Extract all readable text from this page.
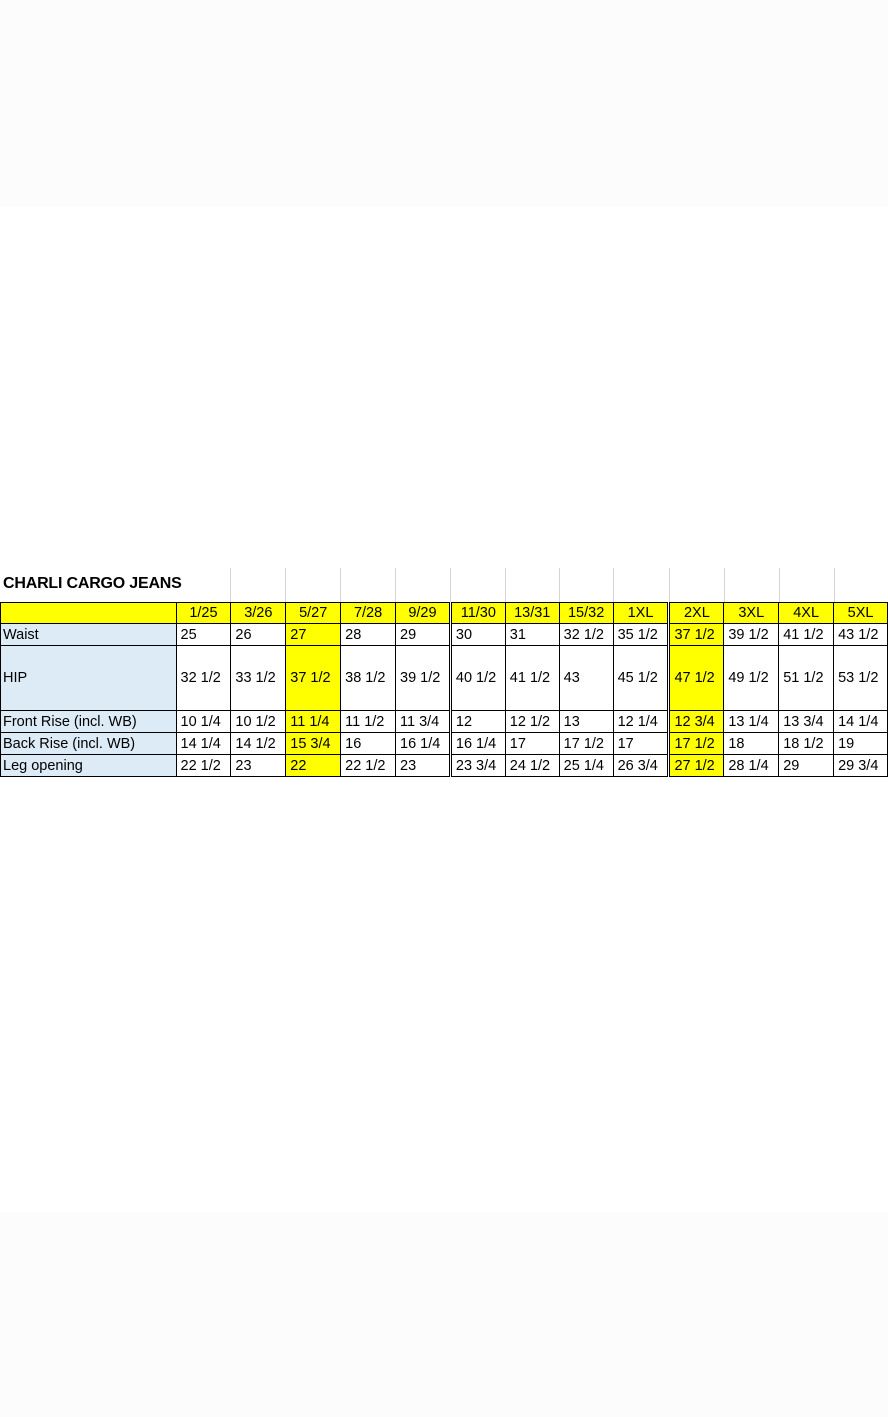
CHARLI CARGO JEANS
	1/25	3/26	5/27	7/28	9/29	11/30	13/31	15/32	1XL	2XL	3XL	4XL	5XL
Waist	25	26	27	28	29	30	31	32 1/2	35 1/2	37 1/2	39 1/2	41 1/2	43 1/2
HIP	32 1/2	33 1/2	37 1/2	38 1/2	39 1/2	40 1/2	41 1/2	43	45 1/2	47 1/2	49 1/2	51 1/2	53 1/2
Front Rise (incl. WB)	10 1/4	10 1/2	11 1/4	11 1/2	11 3/4	12	12 1/2	13	12 1/4	12 3/4	13 1/4	13 3/4	14 1/4
Back Rise (incl. WB)	14 1/4	14 1/2	15 3/4	16	16 1/4	16 1/4	17	17 1/2	17	17 1/2	18	18 1/2	19
Leg opening	22 1/2	23	22	22 1/2	23	23 3/4	24 1/2	25 1/4	26 3/4	27 1/2	28 1/4	29	29 3/4
